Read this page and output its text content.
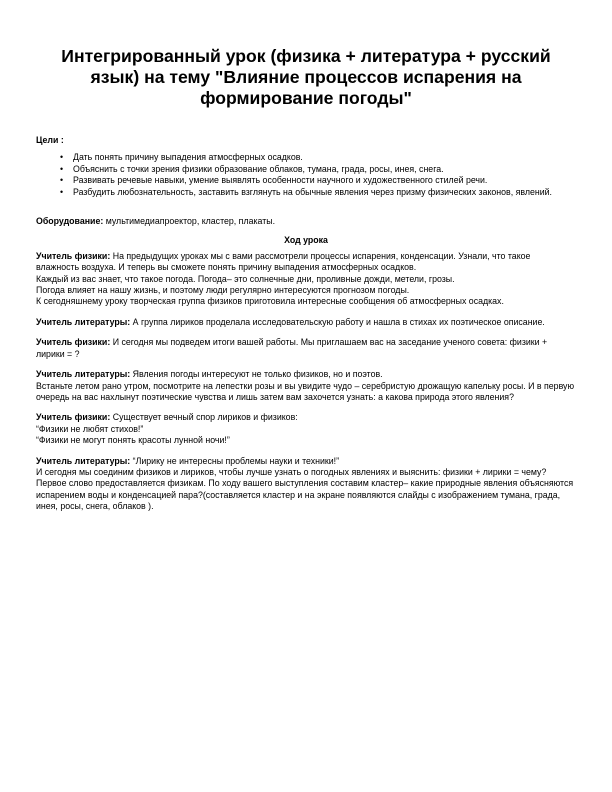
Интегрированный урок (физика + литература + русский язык) на тему "Влияние процессов испарения на формирование погоды"

Цели :

• Дать понять причину выпадения атмосферных осадков.
• Объяснить с точки зрения физики образование облаков, тумана, града, росы, инея, снега.
• Развивать речевые навыки, умение выявлять особенности научного и художественного стилей речи.
• Разбудить любознательность, заставить взглянуть на обычные явления через призму физических законов, явлений.

Оборудование: мультимедиапроектор, кластер, плакаты.

Ход урока

Учитель физики: На предыдущих уроках мы с вами рассмотрели процессы испарения, конденсации. Узнали, что такое влажность воздуха. И теперь вы сможете понять причину выпадения атмосферных осадков.

Каждый из вас знает, что такое погода. Погода– это солнечные дни, проливные дожди, метели, грозы.

Погода влияет на нашу жизнь, и поэтому люди регулярно интересуются прогнозом погоды.

К сегодняшнему уроку творческая группа физиков приготовила интересные сообщения об атмосферных осадках.

Учитель литературы: А группа лириков проделала исследовательскую работу и нашла в стихах их поэтическое описание.

Учитель физики: И сегодня мы подведем итоги вашей работы. Мы приглашаем вас на заседание ученого совета: физики + лирики = ?

Учитель литературы: Явления погоды интересуют не только физиков, но и поэтов.

Встаньте летом рано утром, посмотрите на лепестки розы и вы увидите чудо – серебристую дрожащую капельку росы. И в первую очередь на вас нахлынут поэтические чувства и лишь затем вам захочется узнать: а какова природа этого явления?

Учитель физики: Существует вечный спор лириков и физиков:

“Физики не любят стихов!”

“Физики не могут понять красоты лунной ночи!”

Учитель литературы: “Лирику не интересны проблемы науки и техники!”

И сегодня мы соединим физиков и лириков, чтобы лучше узнать о погодных явлениях и выяснить: физики + лирики = чему?

Первое слово предоставляется физикам. По ходу вашего выступления составим кластер– какие природные явления объясняются испарением воды и конденсацией пара?(составляется кластер и на экране появляются слайды с изображением тумана, града, инея, росы, снега, облаков ).
